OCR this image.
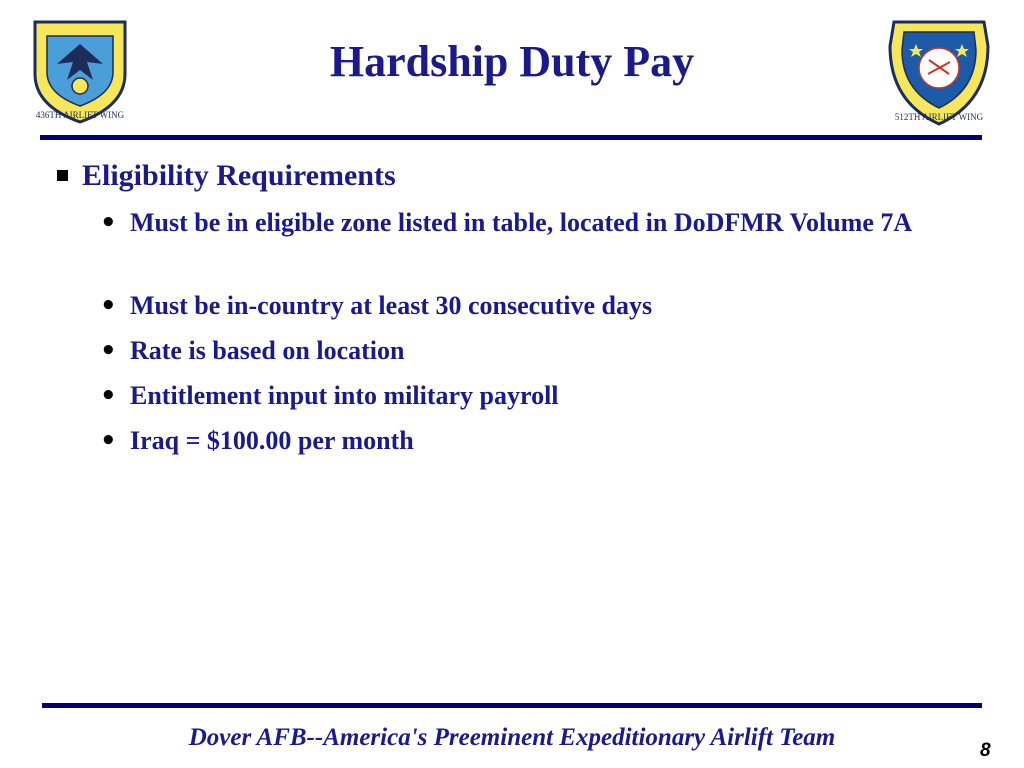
436TH AIRLIFT WING
Hardship Duty Pay
512TH AIRLIFT WING
Eligibility Requirements
• Must be in eligible zone listed in table, located in DoDFMR Volume 7A
• Must be in-country at least 30 consecutive days
• Rate is based on location
• Entitlement input into military payroll
• Iraq = $100.00 per month
Dover AFB--America's Preeminent Expeditionary Airlift Team	8
